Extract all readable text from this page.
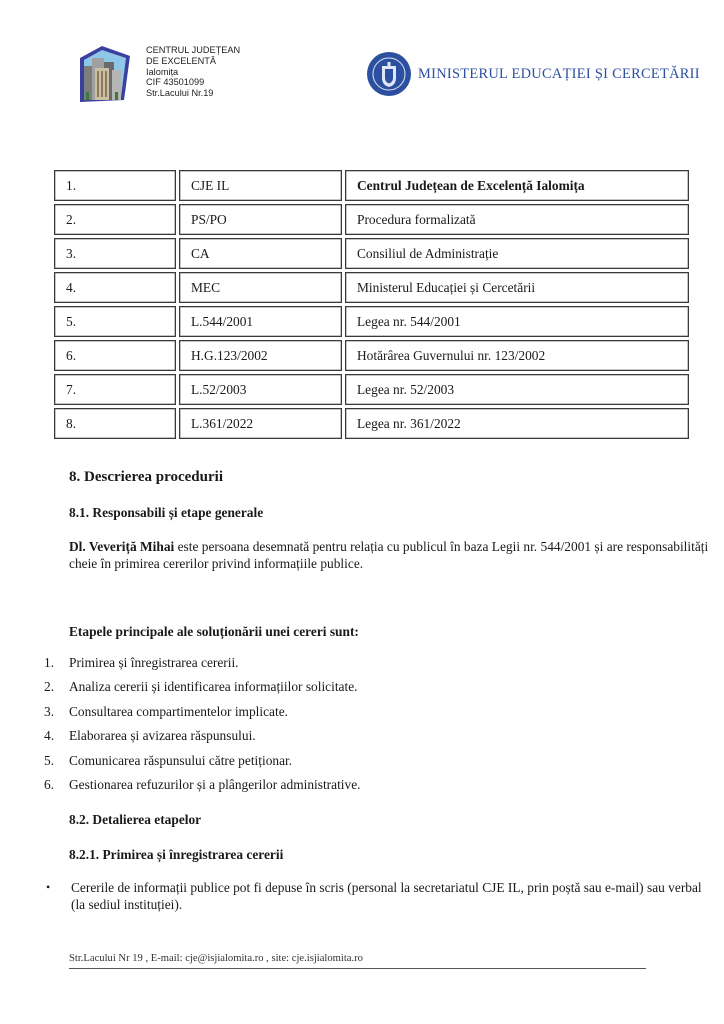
CENTRUL JUDEȚEAN
DE EXCELENTĂ
Ialomița
CIF 43501099
Str.Lacului Nr.19
MINISTERUL EDUCAȚIEI ȘI CERCETĂRII
1.	CJE IL	Centrul Județean de Excelență Ialomița
2.	PS/PO	Procedura formalizată
3.	CA	Consiliul de Administrație
4.	MEC	Ministerul Educației și Cercetării
5.	L.544/2001	Legea nr. 544/2001
6.	H.G.123/2002	Hotărârea Guvernului nr. 123/2002
7.	L.52/2003	Legea nr. 52/2003
8.	L.361/2022	Legea nr. 361/2022
8. Descrierea procedurii
8.1. Responsabili și etape generale
Dl. Veveriță Mihai este persoana desemnată pentru relația cu publicul în baza Legii nr. 544/2001 și are responsabilități cheie în primirea cererilor privind informațiile publice.
Etapele principale ale soluționării unei cereri sunt:
1.	Primirea și înregistrarea cererii.
2.	Analiza cererii și identificarea informațiilor solicitate.
3.	Consultarea compartimentelor implicate.
4.	Elaborarea și avizarea răspunsului.
5.	Comunicarea răspunsului către petiționar.
6.	Gestionarea refuzurilor și a plângerilor administrative.
8.2. Detalierea etapelor
8.2.1. Primirea și înregistrarea cererii
•	Cererile de informații publice pot fi depuse în scris (personal la secretariatul CJE IL, prin poștă sau e-mail) sau verbal (la sediul instituției).
Str.Lacului Nr 19 , E-mail: cje@isjialomita.ro , site: cje.isjialomita.ro
